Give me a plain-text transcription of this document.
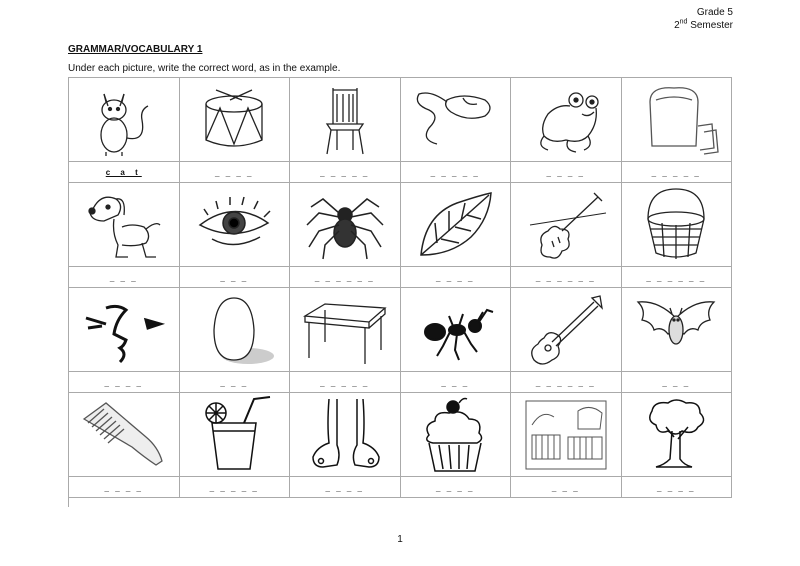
Grade 5
2nd Semester
GRAMMAR/VOCABULARY 1
Under each picture, write the correct word, as in the example.
c a t	_ _ _ _	_ _ _ _ _	_ _ _ _ _	_ _ _ _	_ _ _ _ _
_ _ _	_ _ _	_ _ _ _ _ _	_ _ _ _	_ _ _ _ _ _	_ _ _ _ _ _
_ _ _ _	_ _ _	_ _ _ _ _	_ _ _	_ _ _ _ _ _	_ _ _
_ _ _ _	_ _ _ _ _	_ _ _ _	_ _ _ _	_ _ _	_ _ _ _
1
